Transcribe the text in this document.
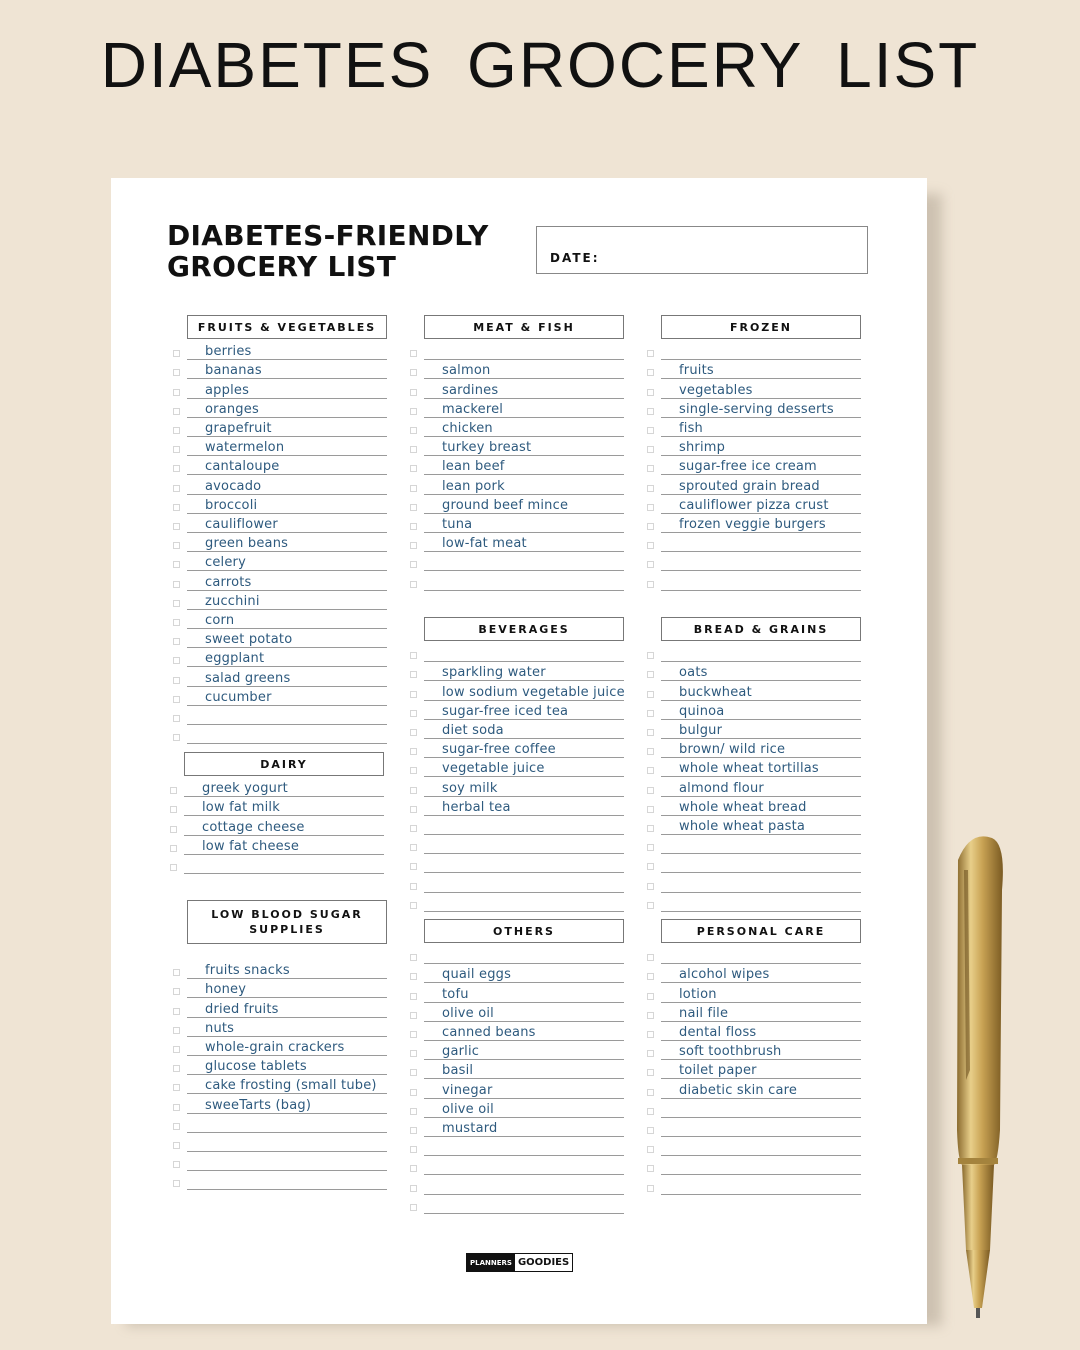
DIABETES GROCERY LIST
DIABETES-FRIENDLY
GROCERY LIST	DATE:
FRUITS & VEGETABLES
berries
bananas
apples
oranges
grapefruit
watermelon
cantaloupe
avocado
broccoli
cauliflower
green beans
celery
carrots
zucchini
corn
sweet potato
eggplant
salad greens
cucumber
DAIRY
greek yogurt
low fat milk
cottage cheese
low fat cheese
LOW BLOOD SUGAR SUPPLIES
fruits snacks
honey
dried fruits
nuts
whole-grain crackers
glucose tablets
cake frosting (small tube)
sweeTarts (bag)
MEAT & FISH
salmon
sardines
mackerel
chicken
turkey breast
lean beef
lean pork
ground beef mince
tuna
low-fat meat
BEVERAGES
sparkling water
low sodium vegetable juice
sugar-free iced tea
diet soda
sugar-free coffee
vegetable juice
soy milk
herbal tea
OTHERS
quail eggs
tofu
olive oil
canned beans
garlic
basil
vinegar
olive oil
mustard
FROZEN
fruits
vegetables
single-serving desserts
fish
shrimp
sugar-free ice cream
sprouted grain bread
cauliflower pizza crust
frozen veggie burgers
BREAD & GRAINS
oats
buckwheat
quinoa
bulgur
brown/ wild rice
whole wheat tortillas
almond flour
whole wheat bread
whole wheat pasta
PERSONAL CARE
alcohol wipes
lotion
nail file
dental floss
soft toothbrush
toilet paper
diabetic skin care
PLANNERS GOODIES
